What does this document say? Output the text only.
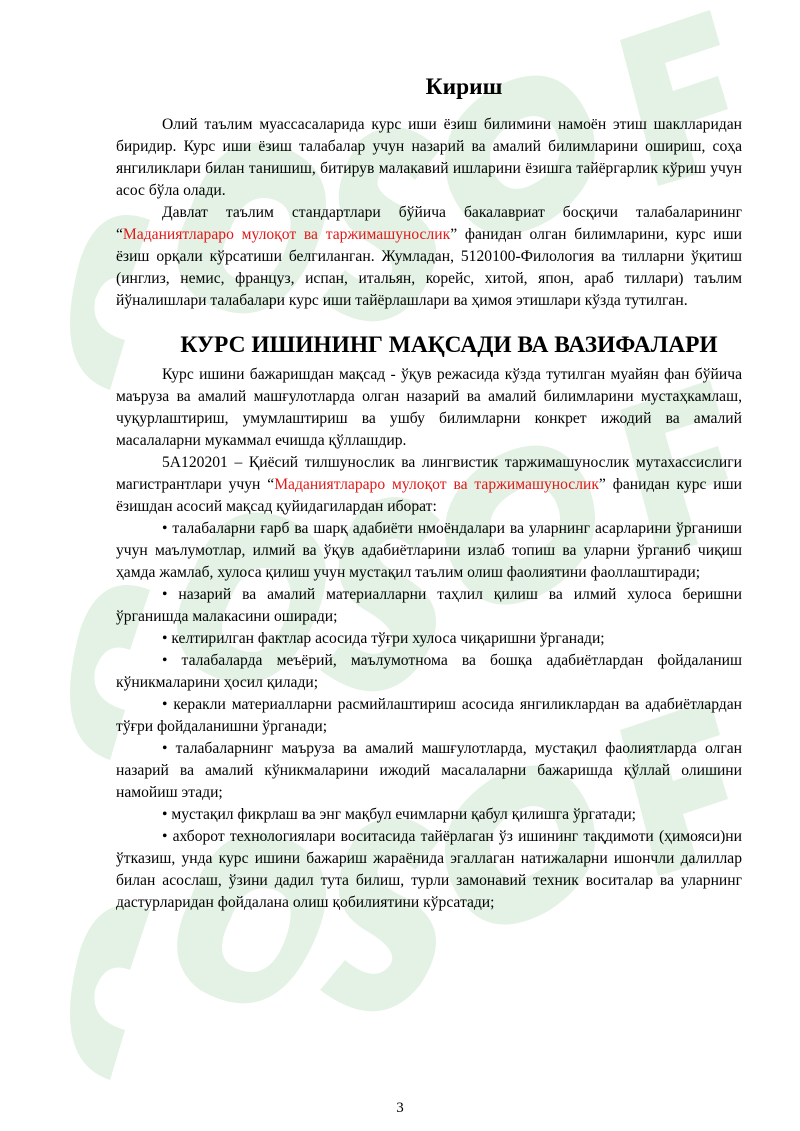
Кириш

Олий таълим муассасаларида курс иши ёзиш билимини намоён этиш шаклларидан биридир. Курс иши ёзиш талабалар учун назарий ва амалий билимларини ошириш, соҳа янгиликлари билан танишиш, битирув малакавий ишларини ёзишга тайёргарлик кўриш учун асос бўла олади.

Давлат таълим стандартлари бўйича бакалавриат босқичи талабаларининг “Маданиятлараро мулоқот ва таржимашунослик” фанидан олган билимларини, курс иши ёзиш орқали кўрсатиши белгиланган. Жумладан, 5120100-Филология ва тилларни ўқитиш (инглиз, немис, француз, испан, итальян, корейс, хитой, япон, араб тиллари) таълим йўналишлари талабалари курс иши тайёрлашлари ва ҳимоя этишлари кўзда тутилган.

КУРС ИШИНИНГ МАҚСАДИ ВА ВАЗИФАЛАРИ

Курс ишини бажаришдан мақсад - ўқув режасида кўзда тутилган муайян фан бўйича маъруза ва амалий машғулотларда олган назарий ва амалий билимларини мустаҳкамлаш, чуқурлаштириш, умумлаштириш ва ушбу билимларни конкрет ижодий ва амалий масалаларни мукаммал ечишда қўллашдир.

5А120201 – Қиёсий тилшунослик ва лингвистик таржимашунослик мутахассислиги магистрантлари учун “Маданиятлараро мулоқот ва таржимашунослик” фанидан курс иши ёзишдан асосий мақсад қуйидагилардан иборат:

• талабаларни ғарб ва шарқ адабиёти нмоёндалари ва уларнинг асарларини ўрганиши учун маълумотлар, илмий ва ўқув адабиётларини излаб топиш ва уларни ўрганиб чиқиш ҳамда жамлаб, хулоса қилиш учун мустақил таълим олиш фаолиятини фаоллаштиради;

• назарий ва амалий материалларни таҳлил қилиш ва илмий хулоса беришни ўрганишда малакасини оширади;

• келтирилган фактлар асосида тўғри хулоса чиқаришни ўрганади;

• талабаларда меъёрий, маълумотнома ва бошқа адабиётлардан фойдаланиш кўникмаларини ҳосил қилади;

• керакли материалларни расмийлаштириш асосида янгиликлардан ва адабиётлардан тўғри фойдаланишни ўрганади;

• талабаларнинг маъруза ва амалий машғулотларда, мустақил фаолиятларда олган назарий ва амалий кўникмаларини ижодий масалаларни бажаришда қўллай олишини намойиш этади;

• мустақил фикрлаш ва энг мақбул ечимларни қабул қилишга ўргатади;

• ахборот технологиялари воситасида тайёрлаган ўз ишининг тақдимоти (ҳимояси)ни ўтказиш, унда курс ишини бажариш жараёнида эгаллаган натижаларни ишончли далиллар билан асослаш, ўзини дадил тута билиш, турли замонавий техник воситалар ва уларнинг дастурларидан фойдалана олиш қобилиятини кўрсатади;

3
